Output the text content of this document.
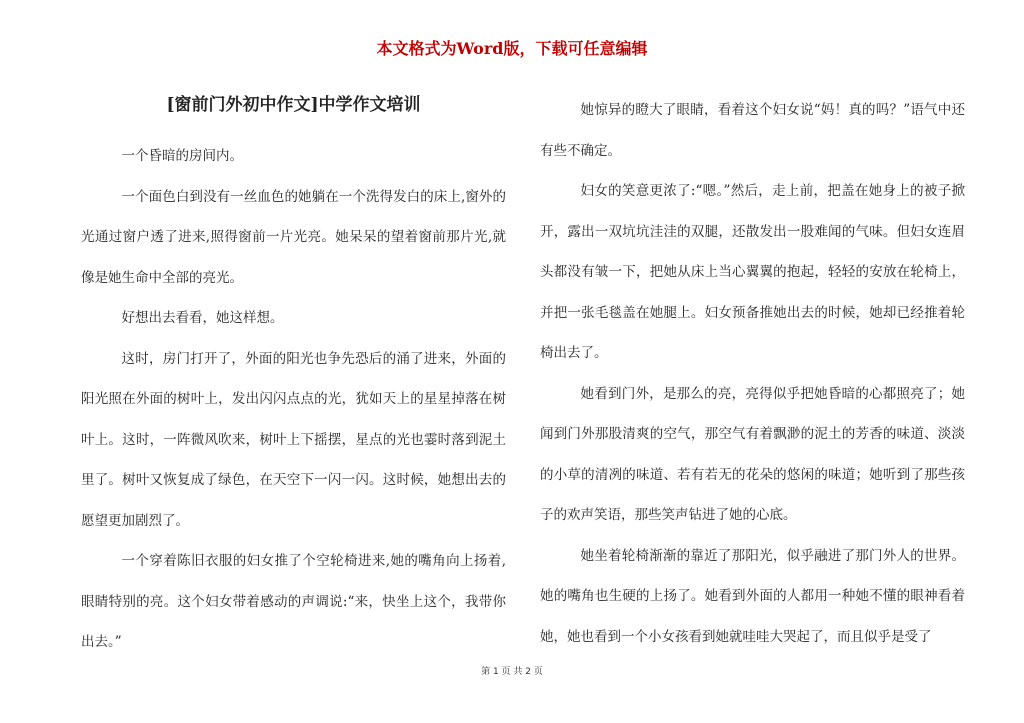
本文格式为Word版，下载可任意编辑
[窗前门外初中作文]中学作文培训

一个昏暗的房间内。

一个面色白到没有一丝血色的她躺在一个洗得发白的床上,窗外的光通过窗户透了进来,照得窗前一片光亮。她呆呆的望着窗前那片光,就像是她生命中全部的亮光。

好想出去看看，她这样想。

这时，房门打开了，外面的阳光也争先恐后的涌了进来，外面的阳光照在外面的树叶上，发出闪闪点点的光，犹如天上的星星掉落在树叶上。这时，一阵微风吹来，树叶上下摇摆，星点的光也霎时落到泥土里了。树叶又恢复成了绿色，在天空下一闪一闪。这时候，她想出去的愿望更加剧烈了。

一个穿着陈旧衣服的妇女推了个空轮椅进来,她的嘴角向上扬着,眼睛特别的亮。这个妇女带着感动的声调说:“来，快坐上这个，我带你出去。”

她惊异的瞪大了眼睛，看着这个妇女说“妈！真的吗？”语气中还有些不确定。

妇女的笑意更浓了:“嗯。”然后，走上前，把盖在她身上的被子掀开，露出一双坑坑洼洼的双腿，还散发出一股难闻的气味。但妇女连眉头都没有皱一下，把她从床上当心翼翼的抱起，轻轻的安放在轮椅上，并把一张毛毯盖在她腿上。妇女预备推她出去的时候，她却已经推着轮椅出去了。

她看到门外，是那么的亮，亮得似乎把她昏暗的心都照亮了；她闻到门外那股清爽的空气，那空气有着飘渺的泥土的芳香的味道、淡淡的小草的清冽的味道、若有若无的花朵的悠闲的味道；她听到了那些孩子的欢声笑语，那些笑声钻进了她的心底。

她坐着轮椅渐渐的靠近了那阳光，似乎融进了那门外人的世界。她的嘴角也生硬的上扬了。她看到外面的人都用一种她不懂的眼神看着她，她也看到一个小女孩看到她就哇哇大哭起了，而且似乎是受了

第 1 页 共 2 页
